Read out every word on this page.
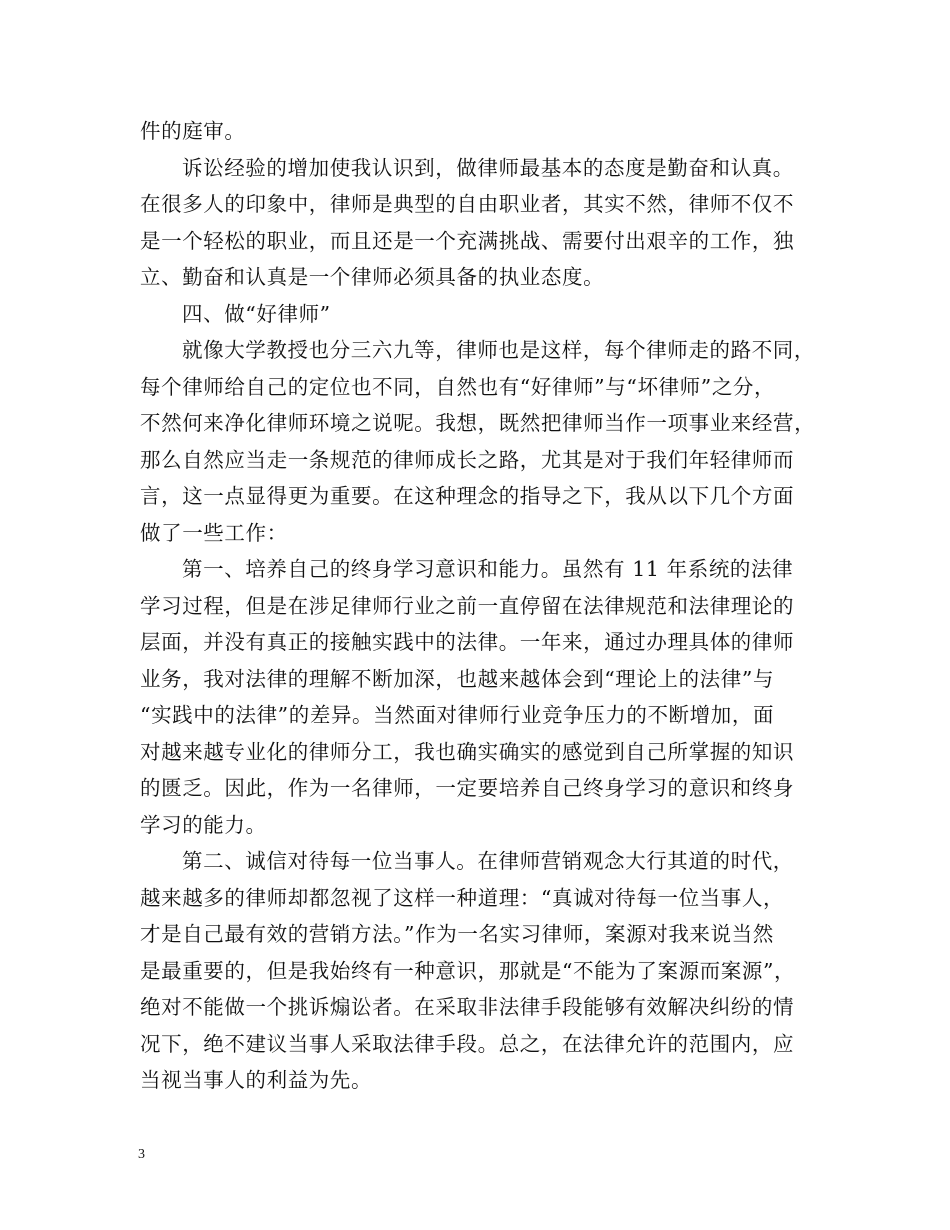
件的庭审。
诉讼经验的增加使我认识到，做律师最基本的态度是勤奋和认真。
在很多人的印象中，律师是典型的自由职业者，其实不然，律师不仅不
是一个轻松的职业，而且还是一个充满挑战、需要付出艰辛的工作，独
立、勤奋和认真是一个律师必须具备的执业态度。
四、做“好律师”
就像大学教授也分三六九等，律师也是这样，每个律师走的路不同，
每个律师给自己的定位也不同，自然也有“好律师”与“坏律师”之分，
不然何来净化律师环境之说呢。我想，既然把律师当作一项事业来经营，
那么自然应当走一条规范的律师成长之路，尤其是对于我们年轻律师而
言，这一点显得更为重要。在这种理念的指导之下，我从以下几个方面
做了一些工作：
第一、培养自己的终身学习意识和能力。虽然有 11 年系统的法律
学习过程，但是在涉足律师行业之前一直停留在法律规范和法律理论的
层面，并没有真正的接触实践中的法律。一年来，通过办理具体的律师
业务，我对法律的理解不断加深，也越来越体会到“理论上的法律”与
“实践中的法律”的差异。当然面对律师行业竞争压力的不断增加，面
对越来越专业化的律师分工，我也确实确实的感觉到自己所掌握的知识
的匮乏。因此，作为一名律师，一定要培养自己终身学习的意识和终身
学习的能力。
第二、诚信对待每一位当事人。在律师营销观念大行其道的时代，
越来越多的律师却都忽视了这样一种道理：“真诚对待每一位当事人，
才是自己最有效的营销方法。”作为一名实习律师，案源对我来说当然
是最重要的，但是我始终有一种意识，那就是“不能为了案源而案源”，
绝对不能做一个挑诉煽讼者。在采取非法律手段能够有效解决纠纷的情
况下，绝不建议当事人采取法律手段。总之，在法律允许的范围内，应
当视当事人的利益为先。
3
